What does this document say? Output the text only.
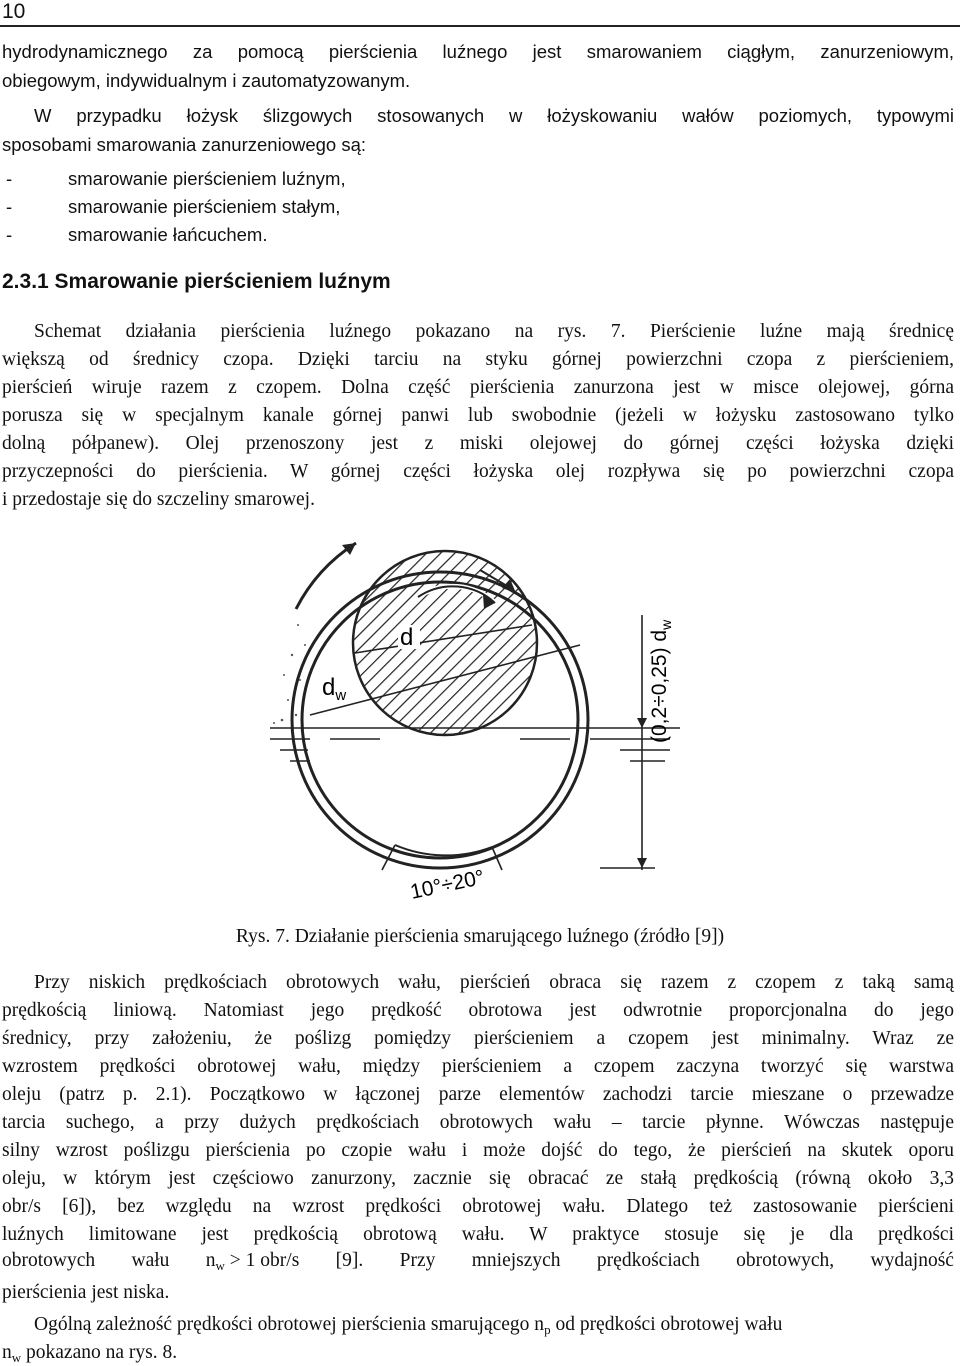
10
hydrodynamicznego za pomocą pierścienia luźnego jest smarowaniem ciągłym, zanurzeniowym,
obiegowym, indywidualnym i zautomatyzowanym.
W przypadku łożysk ślizgowych stosowanych w łożyskowaniu wałów poziomych, typowymi
sposobami smarowania zanurzeniowego są:
-	smarowanie pierścieniem luźnym,
-	smarowanie pierścieniem stałym,
-	smarowanie łańcuchem.
2.3.1 Smarowanie pierścieniem luźnym
Schemat działania pierścienia luźnego pokazano na rys. 7. Pierścienie luźne mają średnicę
większą od średnicy czopa. Dzięki tarciu na styku górnej powierzchni czopa z pierścieniem,
pierścień wiruje razem z czopem. Dolna część pierścienia zanurzona jest w misce olejowej, górna
porusza się w specjalnym kanale górnej panwi lub swobodnie (jeżeli w łożysku zastosowano tylko
dolną półpanew). Olej przenoszony jest z miski olejowej do górnej części łożyska dzięki
przyczepności do pierścienia. W górnej części łożyska olej rozpływa się po powierzchni czopa
i przedostaje się do szczeliny smarowej.
d
$d_w$	(0,2÷0,25) $d_w$
10°÷20°
Rys. 7. Działanie pierścienia smarującego luźnego (źródło [9])
Przy niskich prędkościach obrotowych wału, pierścień obraca się razem z czopem z taką samą
prędkością liniową. Natomiast jego prędkość obrotowa jest odwrotnie proporcjonalna do jego
średnicy, przy założeniu, że poślizg pomiędzy pierścieniem a czopem jest minimalny. Wraz ze
wzrostem prędkości obrotowej wału, między pierścieniem a czopem zaczyna tworzyć się warstwa
oleju (patrz p. 2.1). Początkowo w łączonej parze elementów zachodzi tarcie mieszane o przewadze
tarcia suchego, a przy dużych prędkościach obrotowych wału – tarcie płynne. Wówczas następuje
silny wzrost poślizgu pierścienia po czopie wału i może dojść do tego, że pierścień na skutek oporu
oleju, w którym jest częściowo zanurzony, zacznie się obracać ze stałą prędkością (równą około 3,3
obr/s [6]), bez względu na wzrost prędkości obrotowej wału. Dlatego też zastosowanie pierścieni
luźnych limitowane jest prędkością obrotową wału. W praktyce stosuje się je dla prędkości
obrotowych wału $n_w > 1$ obr/s [9]. Przy mniejszych prędkościach obrotowych, wydajność
pierścienia jest niska.
Ogólną zależność prędkości obrotowej pierścienia smarującego $n_p$ od prędkości obrotowej wału
$n_w$ pokazano na rys. 8.
